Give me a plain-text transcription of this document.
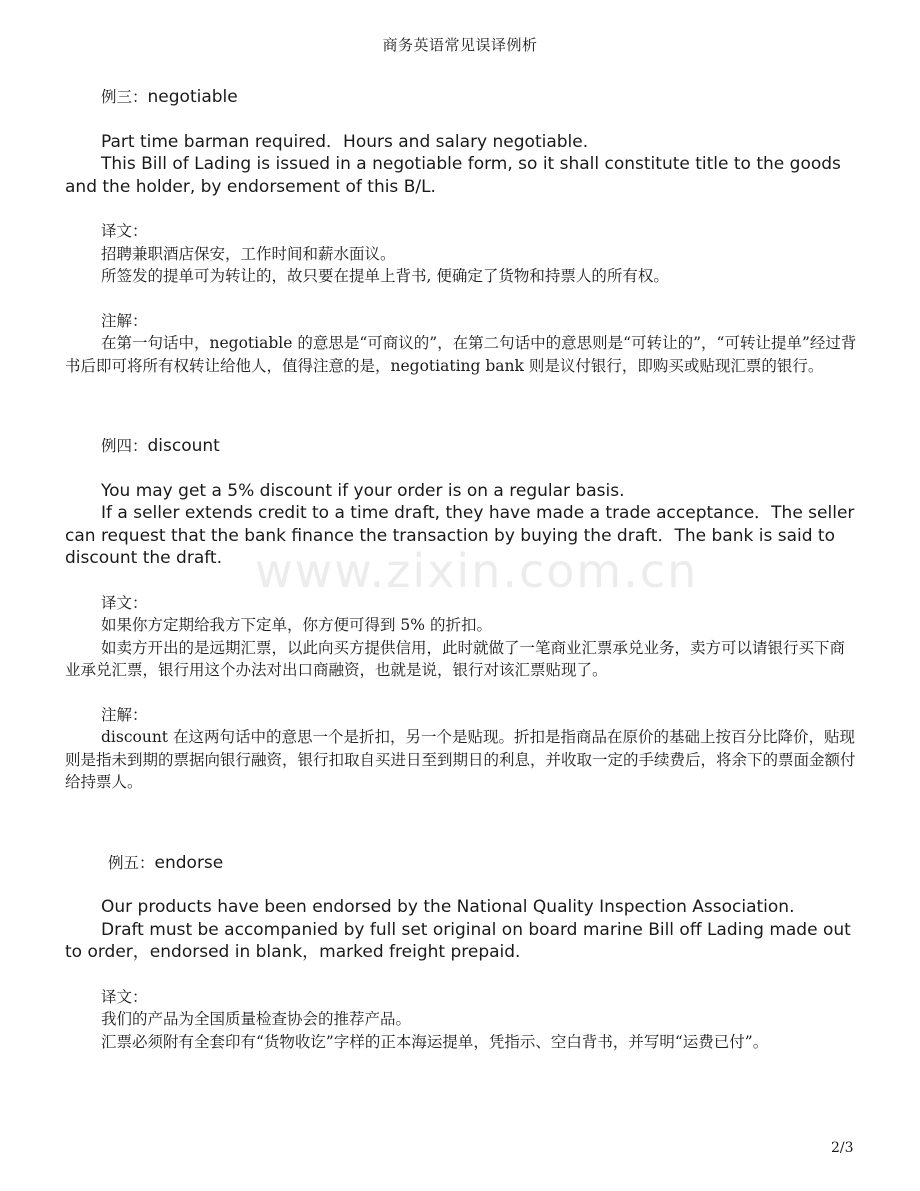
商务英语常见误译例析
www.zixin.com.cn

例三：negotiable

Part time barman required．Hours and salary negotiable.

This Bill of Lading is issued in a negotiable form, so it shall constitute title to the goods and the holder, by endorsement of this B/L.

译文：

招聘兼职酒店保安，工作时间和薪水面议。

所签发的提单可为转让的，故只要在提单上背书, 便确定了货物和持票人的所有权。

注解：

在第一句话中，negotiable 的意思是“可商议的”，在第二句话中的意思则是“可转让的”，“可转让提单”经过背书后即可将所有权转让给他人，值得注意的是，negotiating bank 则是议付银行，即购买或贴现汇票的银行。

例四：discount

You may get a 5% discount if your order is on a regular basis.

If a seller extends credit to a time draft, they have made a trade acceptance．The seller can request that the bank finance the transaction by buying the draft．The bank is said to discount the draft.

译文：

如果你方定期给我方下定单，你方便可得到 5% 的折扣。

如卖方开出的是远期汇票，以此向买方提供信用，此时就做了一笔商业汇票承兑业务，卖方可以请银行买下商业承兑汇票，银行用这个办法对出口商融资，也就是说，银行对该汇票贴现了。

注解：

discount 在这两句话中的意思一个是折扣，另一个是贴现。折扣是指商品在原价的基础上按百分比降价，贴现则是指未到期的票据向银行融资，银行扣取自买进日至到期日的利息，并收取一定的手续费后，将余下的票面金额付给持票人。

例五：endorse

Our products have been endorsed by the National Quality Inspection Association.

Draft must be accompanied by full set original on board marine Bill off Lading made out to order，endorsed in blank，marked freight prepaid.

译文：

我们的产品为全国质量检查协会的推荐产品。

汇票必须附有全套印有“货物收讫”字样的正本海运提单，凭指示、空白背书，并写明“运费已付”。

2/3
